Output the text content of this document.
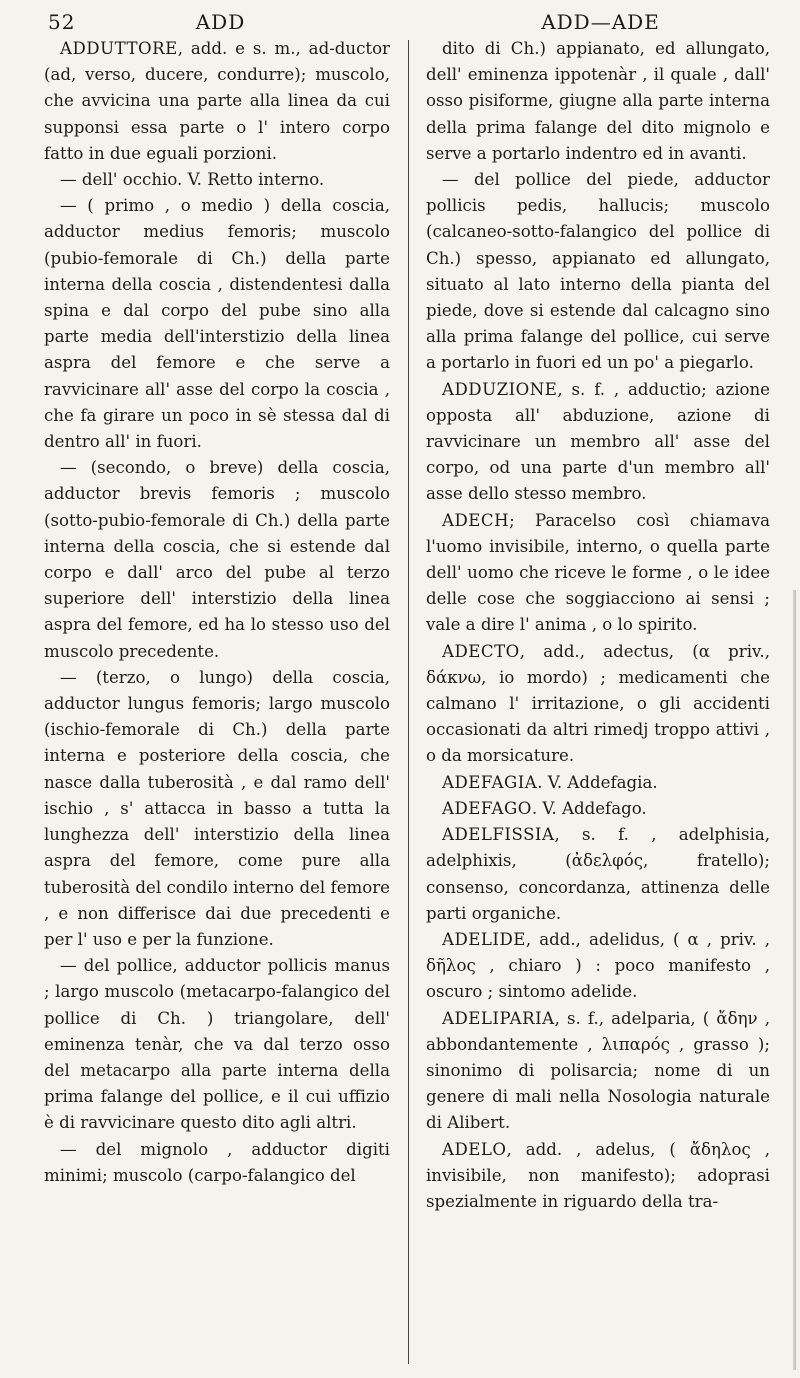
52	ADD	ADD—ADE

ADDUTTORE, add. e s. m., ad-ductor (ad, verso, ducere, condurre); muscolo, che avvicina una parte alla linea da cui supponsi essa parte o l' intero corpo fatto in due eguali porzioni.

— dell' occhio. V. Retto interno.

— ( primo , o medio ) della coscia, adductor medius femoris; muscolo (pubio-femorale di Ch.) della parte interna della coscia , distendentesi dalla spina e dal corpo del pube sino alla parte media dell'interstizio della linea aspra del femore e che serve a ravvicinare all' asse del corpo la coscia , che fa girare un poco in sè stessa dal di dentro all' in fuori.

— (secondo, o breve) della coscia, adductor brevis femoris ; muscolo (sotto-pubio-femorale di Ch.) della parte interna della coscia, che si estende dal corpo e dall' arco del pube al terzo superiore dell' interstizio della linea aspra del femore, ed ha lo stesso uso del muscolo precedente.

— (terzo, o lungo) della coscia, adductor lungus femoris; largo muscolo (ischio-femorale di Ch.) della parte interna e posteriore della coscia, che nasce dalla tuberosità , e dal ramo dell' ischio , s' attacca in basso a tutta la lunghezza dell' interstizio della linea aspra del femore, come pure alla tuberosità del condilo interno del femore , e non differisce dai due precedenti e per l' uso e per la funzione.

— del pollice, adductor pollicis manus ; largo muscolo (metacarpo-falangico del pollice di Ch. ) triangolare, dell' eminenza tenàr, che va dal terzo osso del metacarpo alla parte interna della prima falange del pollice, e il cui uffizio è di ravvicinare questo dito agli altri.

— del mignolo , adductor digiti minimi; muscolo (carpo-falangico del

dito di Ch.) appianato, ed allungato, dell' eminenza ippotenàr , il quale , dall' osso pisiforme, giugne alla parte interna della prima falange del dito mignolo e serve a portarlo indentro ed in avanti.

— del pollice del piede, adductor pollicis pedis, hallucis; muscolo (calcaneo-sotto-falangico del pollice di Ch.) spesso, appianato ed allungato, situato al lato interno della pianta del piede, dove si estende dal calcagno sino alla prima falange del pollice, cui serve a portarlo in fuori ed un po' a piegarlo.

ADDUZIONE, s. f. , adductio; azione opposta all' abduzione, azione di ravvicinare un membro all' asse del corpo, od una parte d'un membro all' asse dello stesso membro.

ADECH; Paracelso così chiamava l'uomo invisibile, interno, o quella parte dell' uomo che riceve le forme , o le idee delle cose che soggiacciono ai sensi ; vale a dire l' anima , o lo spirito.

ADECTO, add., adectus, (α priv., δάκνω, io mordo) ; medicamenti che calmano l' irritazione, o gli accidenti occasionati da altri rimedj troppo attivi , o da morsicature.

ADEFAGIA. V. Addefagia.

ADEFAGO. V. Addefago.

ADELFISSIA, s. f. , adelphisia, adelphixis, (ἀδελφός, fratello); consenso, concordanza, attinenza delle parti organiche.

ADELIDE, add., adelidus, ( α , priv. , δῆλος , chiaro ) : poco manifesto , oscuro ; sintomo adelide.

ADELIPARIA, s. f., adelparia, ( ἄδην , abbondantemente , λιπαρός , grasso ); sinonimo di polisarcia; nome di un genere di mali nella Nosologia naturale di Alibert.

ADELO, add. , adelus, ( ἄδηλος , invisibile, non manifesto); adoprasi spezialmente in riguardo della tra-
